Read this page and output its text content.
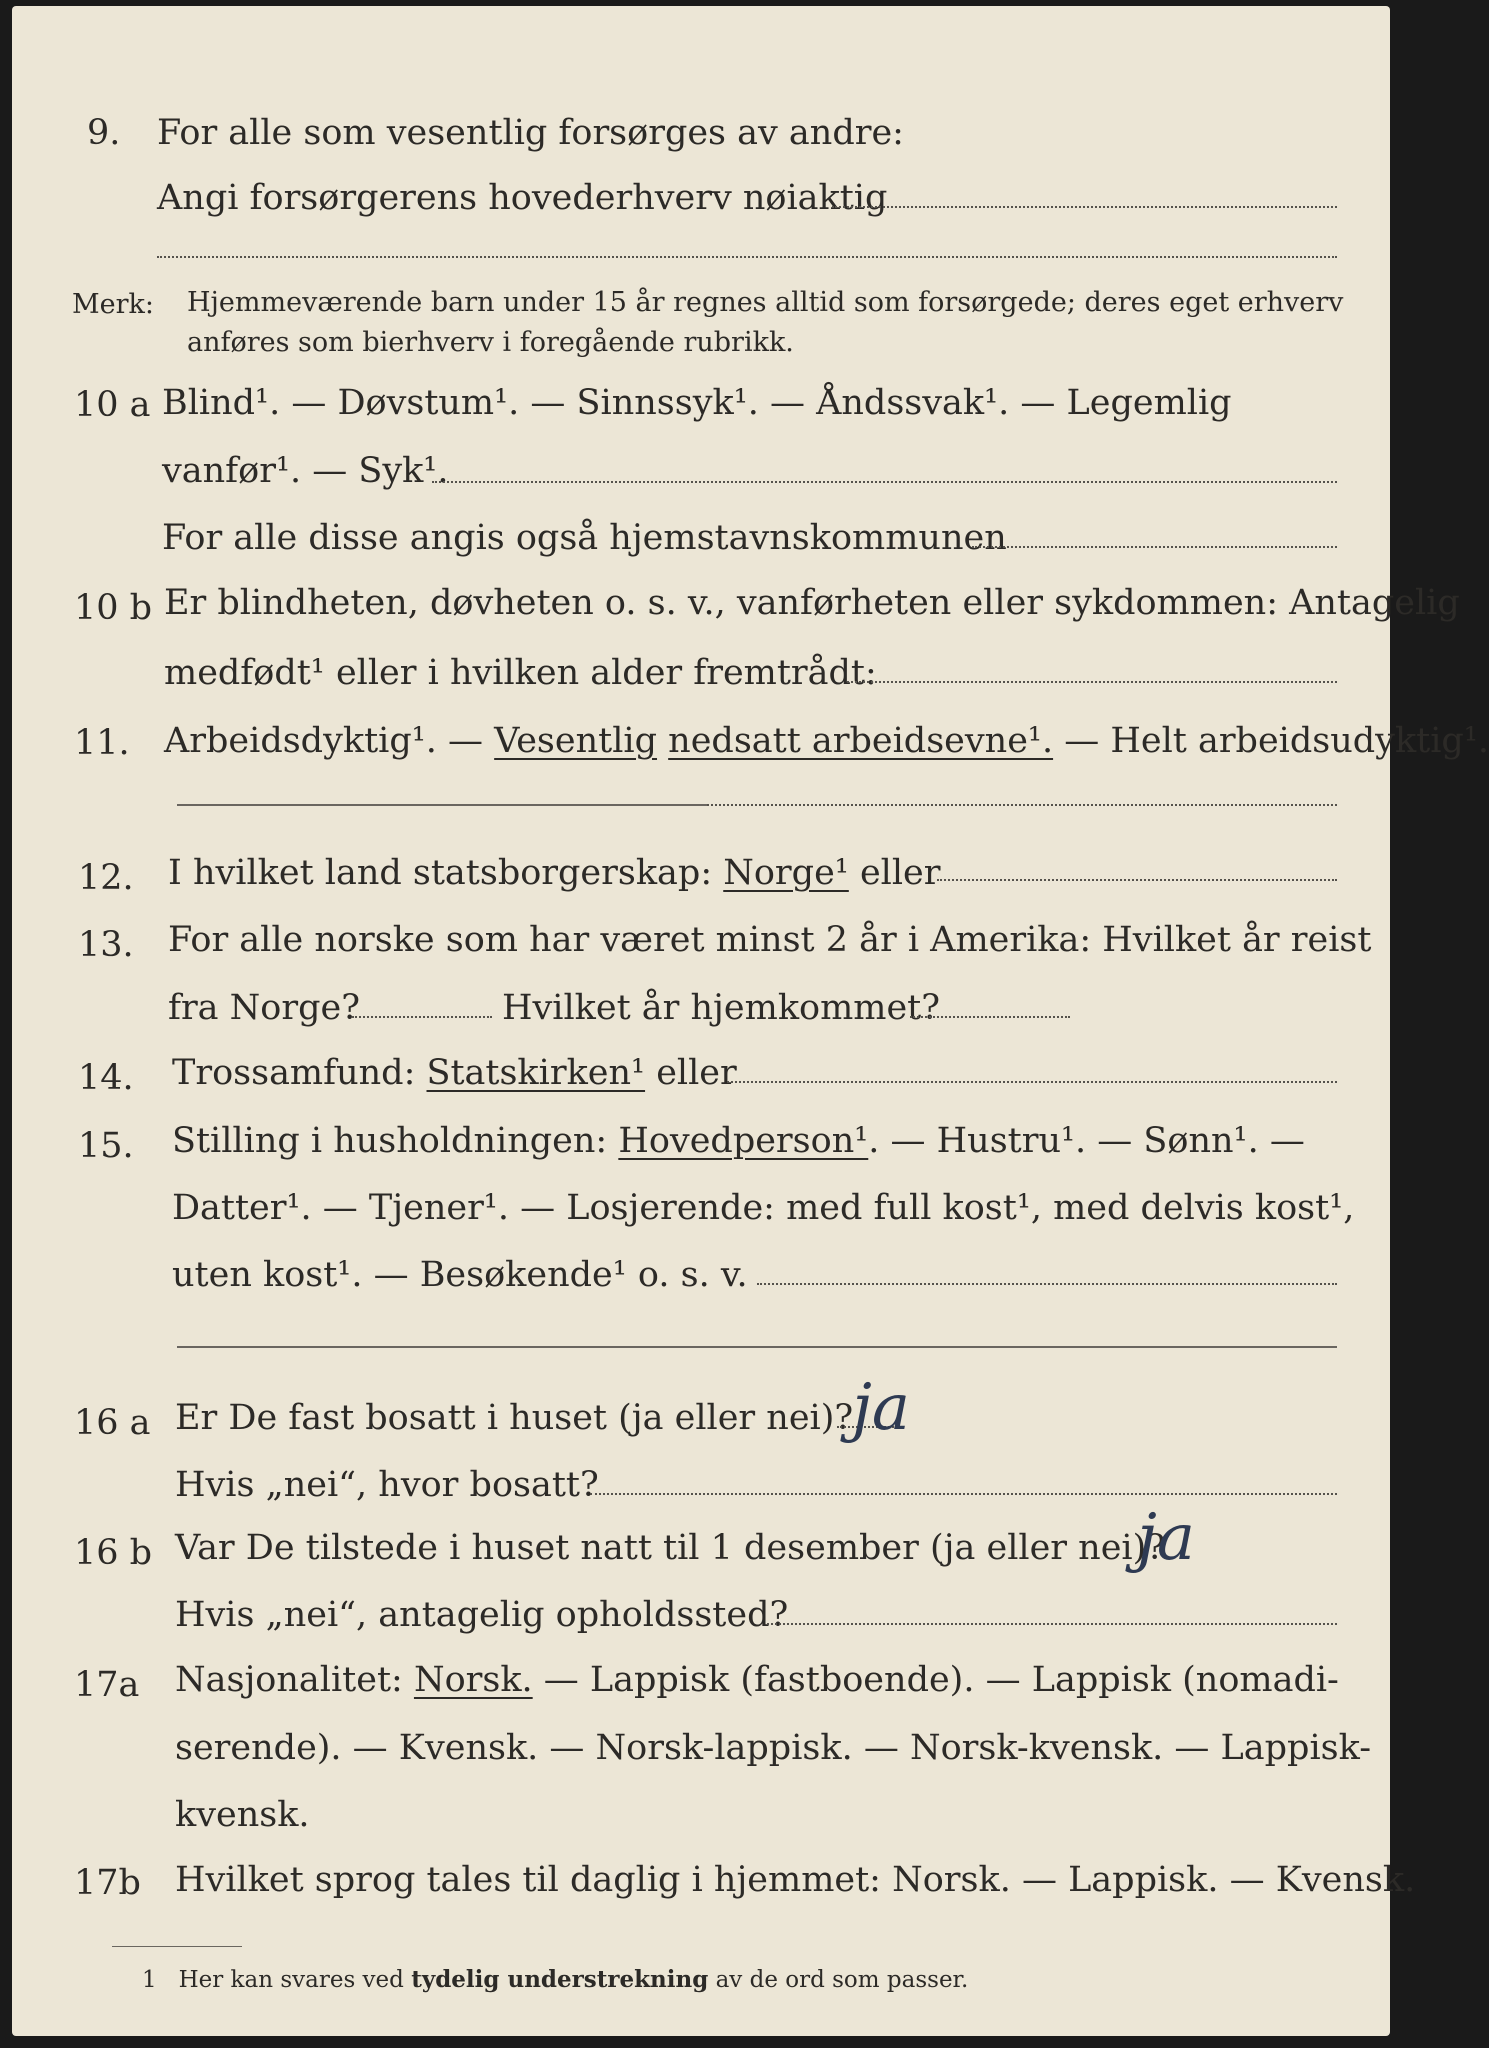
9. For alle som vesentlig forsørges av andre:
Angi forsørgerens hovederhverv nøiaktig
Merk: Hjemmeværende barn under 15 år regnes alltid som forsørgede; deres eget erhverv
anføres som bierhverv i foregående rubrikk.
10 a Blind¹. — Døvstum¹. — Sinnssyk¹. — Åndssvak¹. — Legemlig
vanfør¹. — Syk¹.
For alle disse angis også hjemstavnskommunen
10 b Er blindheten, døvheten o. s. v., vanførheten eller sykdommen: Antagelig
medfødt¹ eller i hvilken alder fremtrådt:
11. Arbeidsdyktig¹. — Vesentlig nedsatt arbeidsevne¹. — Helt arbeidsudyktig¹.
12. I hvilket land statsborgerskap: Norge¹ eller
13. For alle norske som har været minst 2 år i Amerika: Hvilket år reist
fra Norge?	Hvilket år hjemkommet?
14. Trossamfund: Statskirken¹ eller
15. Stilling i husholdningen: Hovedperson¹. — Hustru¹. — Sønn¹. —
Datter¹. — Tjener¹. — Losjerende: med full kost¹, med delvis kost¹,
uten kost¹. — Besøkende¹ o. s. v.
16 a Er De fast bosatt i huset (ja eller nei)?
ja
Hvis „nei“, hvor bosatt?
16 b Var De tilstede i huset natt til 1 desember (ja eller nei)?
ja
Hvis „nei“, antagelig opholdssted?
17a Nasjonalitet: Norsk. — Lappisk (fastboende). — Lappisk (nomadi-
serende). — Kvensk. — Norsk-lappisk. — Norsk-kvensk. — Lappisk-
kvensk.
17b Hvilket sprog tales til daglig i hjemmet: Norsk. — Lappisk. — Kvensk.
1 Her kan svares ved tydelig understrekning av de ord som passer.
